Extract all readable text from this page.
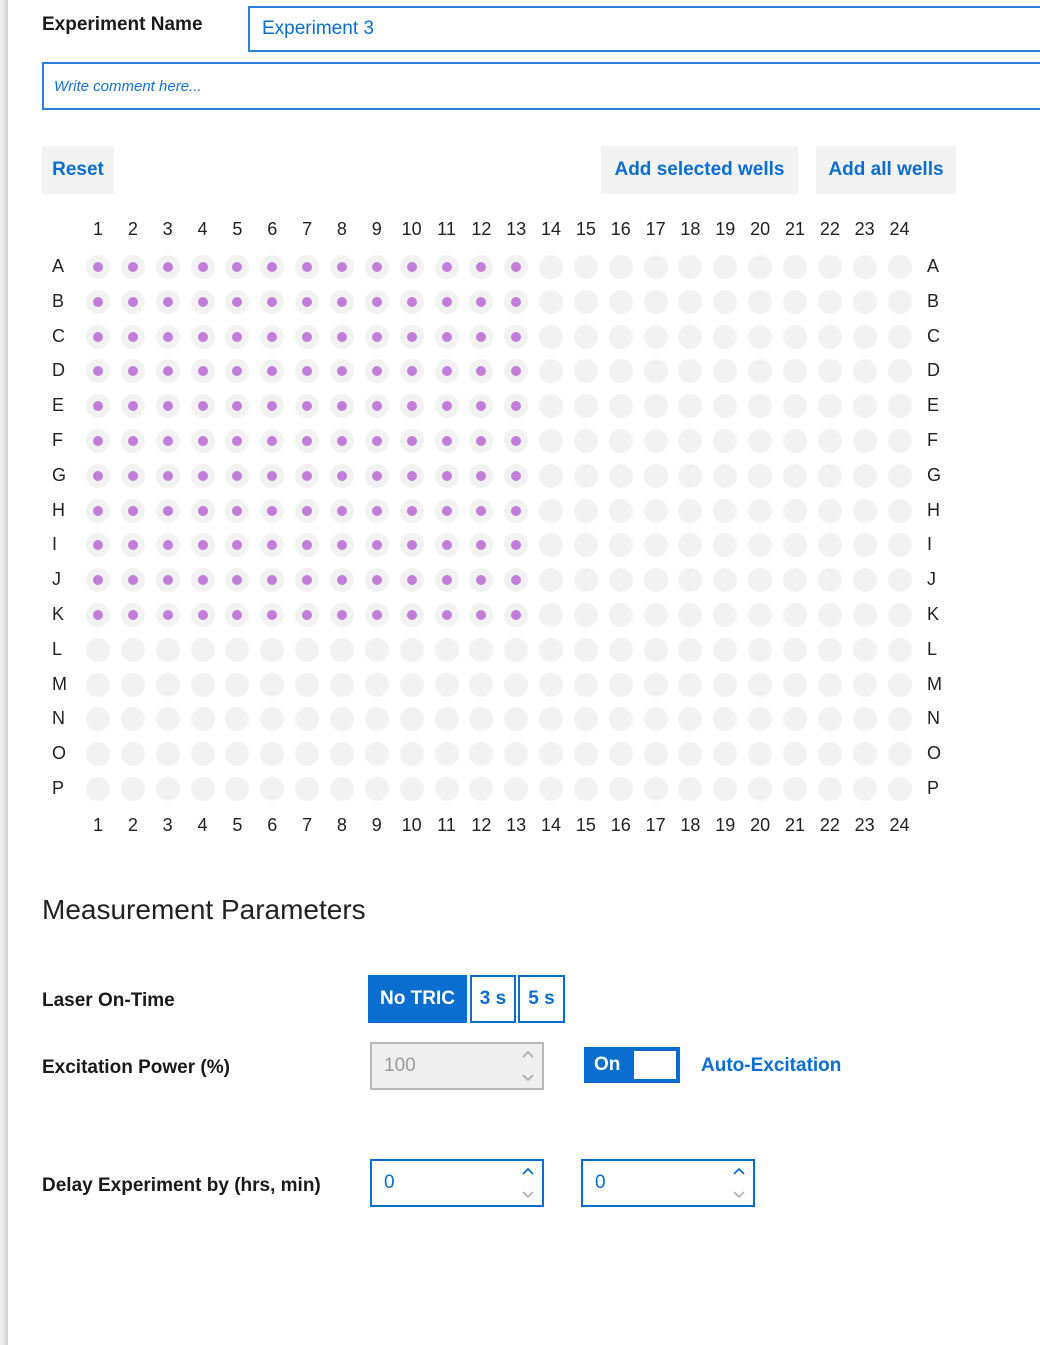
Experiment Name
Experiment 3
Write comment here...
Reset	Add selected wells	Add all wells
1
1
2
2
3
3
4
4
5
5
6
6
7
7
8
8
9
9
10
10
11
11
12
12
13
13
14
14
15
15
16
16
17
17
18
18
19
19
20
20
21
21
22
22
23
23
24
24
A	A
B	B
C	C
D	D
E	E
F	F
G	G
H	H
I	I
J	J
K	K
L	L
M	M
N	N
O	O
P	P
Measurement Parameters
Laser On-Time	No TRIC	3 s	5 s
Excitation Power (%)	100	On	Auto-Excitation
Delay Experiment by (hrs, min)	0	0
